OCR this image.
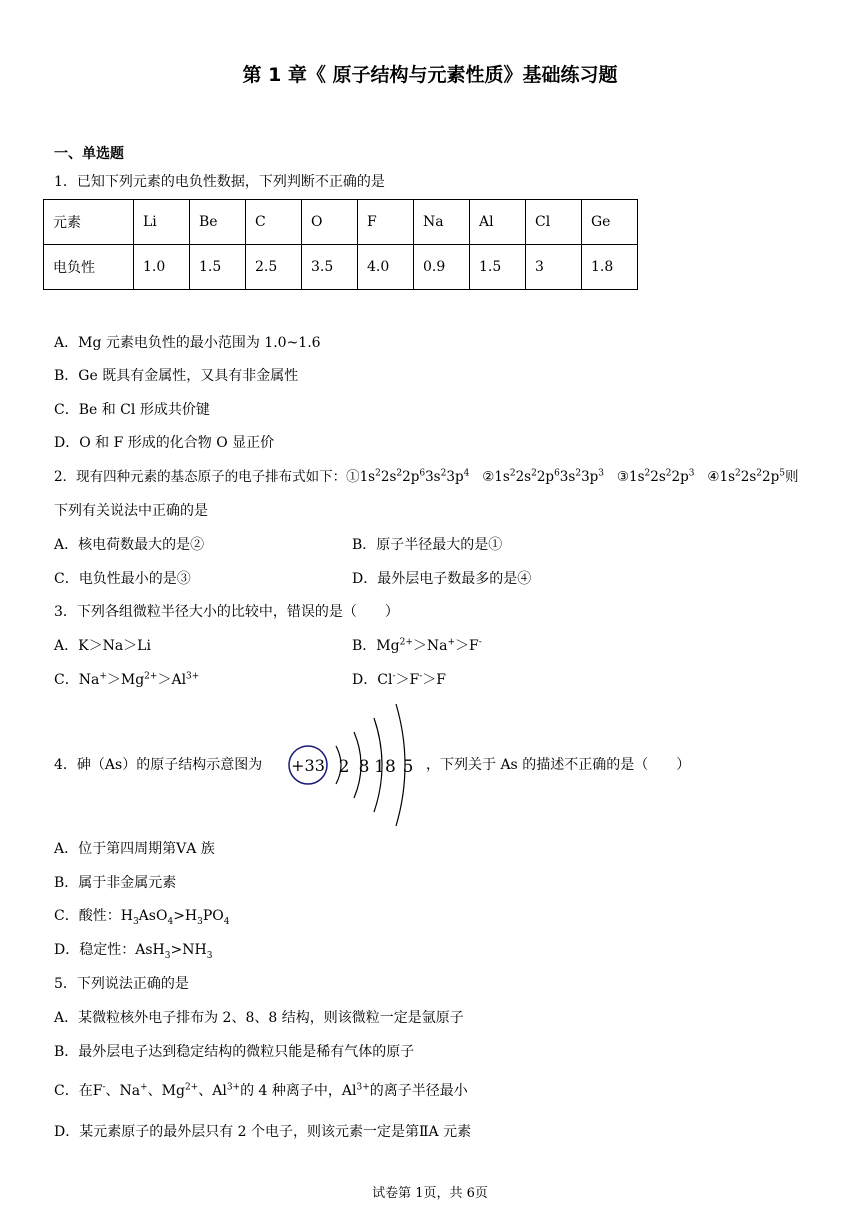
第 1 章《 原子结构与元素性质》基础练习题
一、单选题
1．已知下列元素的电负性数据，下列判断不正确的是
元素	Li	Be	C	O	F	Na	Al	Cl	Ge
电负性	1.0	1.5	2.5	3.5	4.0	0.9	1.5	3	1.8
A．Mg 元素电负性的最小范围为 1.0~1.6
B．Ge 既具有金属性，又具有非金属性
C．Be 和 Cl 形成共价键
D．O 和 F 形成的化合物 O 显正价
2．现有四种元素的基态原子的电子排布式如下：$①1s^22s^22p^63s^23p^4$ $②1s^22s^22p^63s^23p^3$ $③1s^22s^22p^3$ $④1s^22s^22p^5$则
下列有关说法中正确的是
A．核电荷数最大的是②	B．原子半径最大的是①
C．电负性最小的是③	D．最外层电子数最多的是④
3．下列各组微粒半径大小的比较中，错误的是（　　）
A．K＞Na＞Li	B．$Mg^{2+}>Na^+>F^-$
C．$Na^+>Mg^{2+}>Al^{3+}$	D．Cl-＞F-＞F
4．砷（As）的原子结构示意图为 +33 2 8 18 5 ，下列关于 As 的描述不正确的是（　　）
A．位于第四周期第ⅤA 族
B．属于非金属元素
C．酸性：$H_3AsO_4>H_3PO_4$
D．稳定性：$AsH_3>NH_3$
5．下列说法正确的是
A．某微粒核外电子排布为 2、8、8 结构，则该微粒一定是氩原子
B．最外层电子达到稳定结构的微粒只能是稀有气体的原子
C．在F-、Na+、$Mg^{2+}$、$Al^{3+}$的 4 种离子中，$Al^{3+}$的离子半径最小
D．某元素原子的最外层只有 2 个电子，则该元素一定是第ⅡA 元素
试卷第 1页，共 6页
